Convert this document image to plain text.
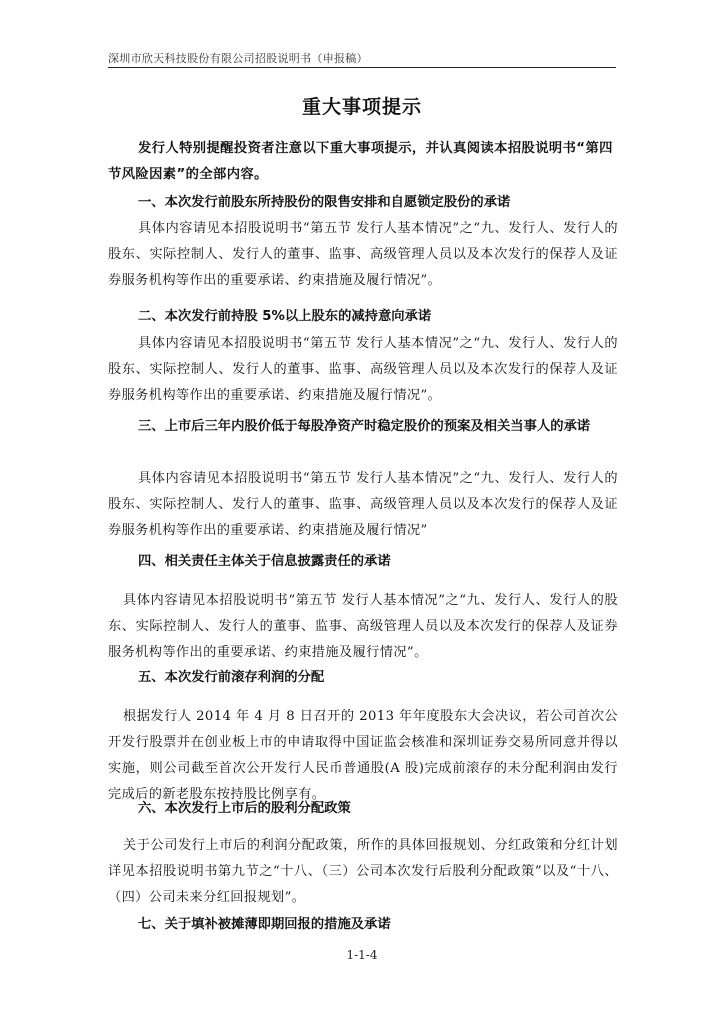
深圳市欣天科技股份有限公司招股说明书（申报稿）
重大事项提示
发行人特别提醒投资者注意以下重大事项提示，并认真阅读本招股说明书“第四节风险因素”的全部内容。
一、本次发行前股东所持股份的限售安排和自愿锁定股份的承诺
具体内容请见本招股说明书“第五节 发行人基本情况”之“九、发行人、发行人的股东、实际控制人、发行人的董事、监事、高级管理人员以及本次发行的保荐人及证券服务机构等作出的重要承诺、约束措施及履行情况”。
二、本次发行前持股 5%以上股东的减持意向承诺
具体内容请见本招股说明书“第五节 发行人基本情况”之“九、发行人、发行人的股东、实际控制人、发行人的董事、监事、高级管理人员以及本次发行的保荐人及证券服务机构等作出的重要承诺、约束措施及履行情况”。
三、上市后三年内股价低于每股净资产时稳定股价的预案及相关当事人的承诺
具体内容请见本招股说明书“第五节 发行人基本情况”之“九、发行人、发行人的股东、实际控制人、发行人的董事、监事、高级管理人员以及本次发行的保荐人及证券服务机构等作出的重要承诺、约束措施及履行情况”
四、相关责任主体关于信息披露责任的承诺
具体内容请见本招股说明书“第五节 发行人基本情况”之“九、发行人、发行人的股东、实际控制人、发行人的董事、监事、高级管理人员以及本次发行的保荐人及证券服务机构等作出的重要承诺、约束措施及履行情况”。
五、本次发行前滚存利润的分配
根据发行人 2014 年 4 月 8 日召开的 2013 年年度股东大会决议，若公司首次公开发行股票并在创业板上市的申请取得中国证监会核准和深圳证券交易所同意并得以实施，则公司截至首次公开发行人民币普通股(A 股)完成前滚存的未分配利润由发行完成后的新老股东按持股比例享有。
六、本次发行上市后的股利分配政策
关于公司发行上市后的利润分配政策，所作的具体回报规划、分红政策和分红计划详见本招股说明书第九节之“十八、（三）公司本次发行后股利分配政策”以及“十八、（四）公司未来分红回报规划”。
七、关于填补被摊薄即期回报的措施及承诺
1-1-4
